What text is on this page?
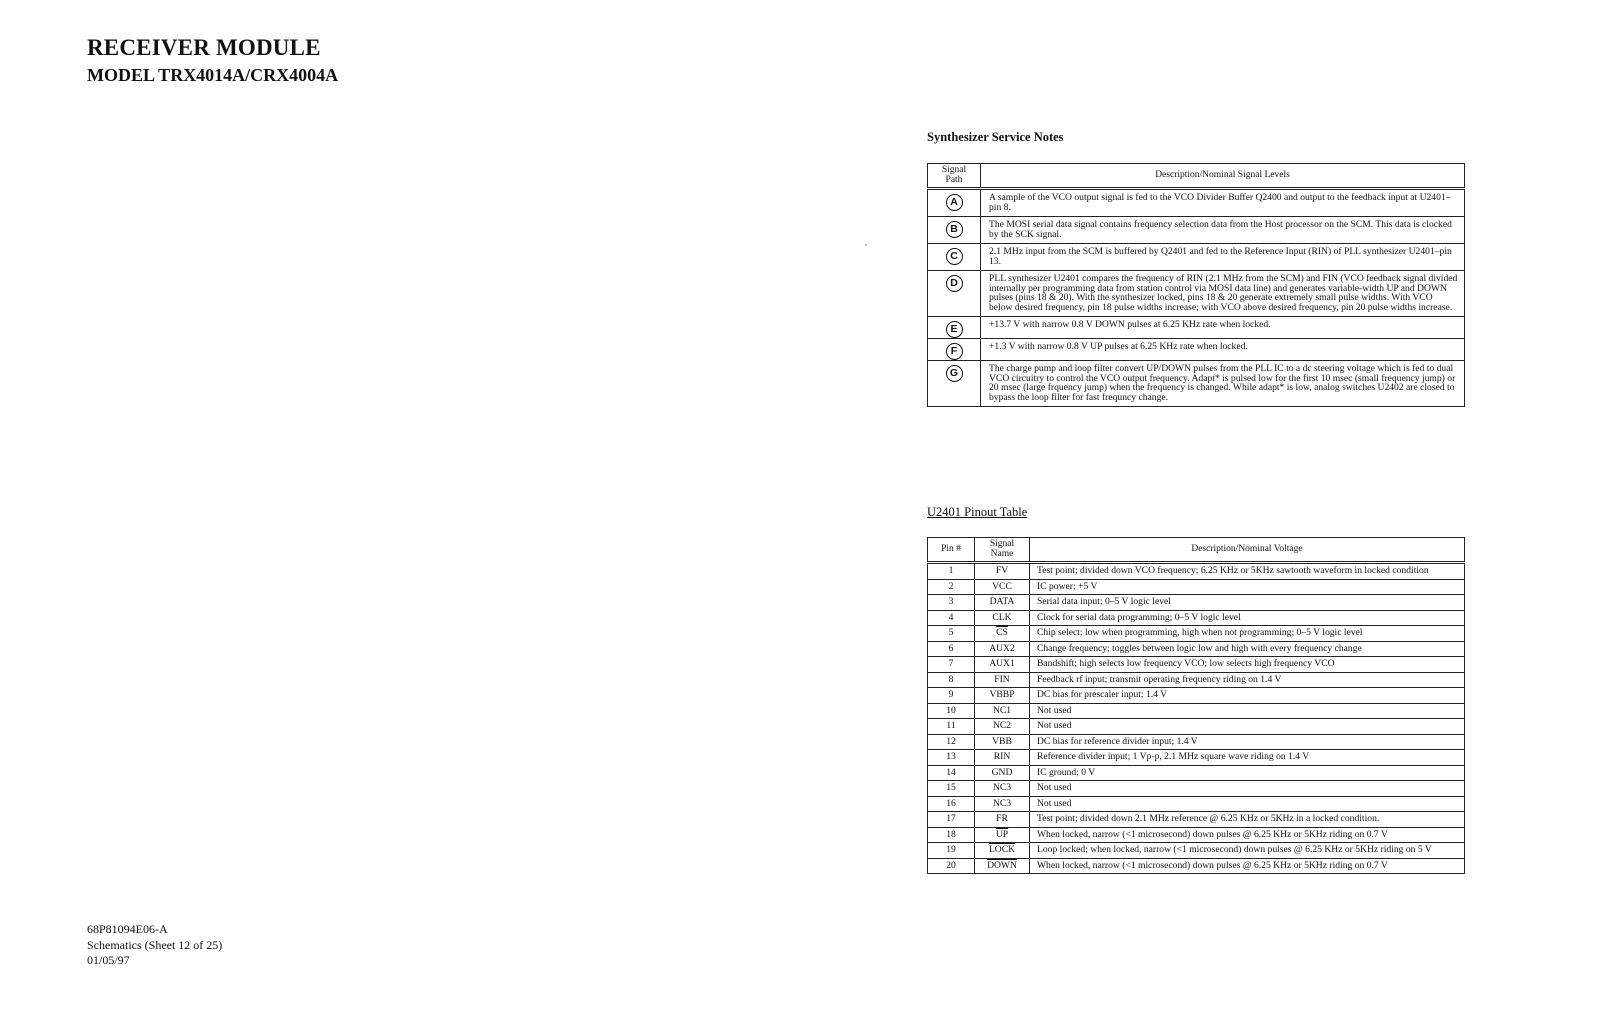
RECEIVER MODULE
MODEL TRX4014A/CRX4004A
Synthesizer Service Notes
Signal Path	Description/Nominal Signal Levels
A	A sample of the VCO output signal is fed to the VCO Divider Buffer Q2400 and output to the feedback input at U2401–pin 8.
B	The MOSI serial data signal contains frequency selection data from the Host processor on the SCM. This data is clocked by the SCK signal.
C	2.1 MHz input from the SCM is buffered by Q2401 and fed to the Reference Input (RIN) of PLL synthesizer U2401–pin 13.
D	PLL synthesizer U2401 compares the frequency of RIN (2.1 MHz from the SCM) and FIN (VCO feedback signal divided internally per programming data from station control via MOSI data line) and generates variable-width UP and DOWN pulses (pins 18 & 20). With the synthesizer locked, pins 18 & 20 generate extremely small pulse widths. With VCO below desired frequency, pin 18 pulse widths increase; with VCO above desired frequency, pin 20 pulse widths increase.
E	+13.7 V with narrow 0.8 V DOWN pulses at 6.25 KHz rate when locked.
F	+1.3 V with narrow 0.8 V UP pulses at 6.25 KHz rate when locked.
G	The charge pump and loop filter convert UP/DOWN pulses from the PLL IC to a dc steering voltage which is fed to dual VCO circuitry to control the VCO output frequency. Adapt* is pulsed low for the first 10 msec (small frequency jump) or 20 msec (large frquency jump) when the frequency is changed. While adapt* is low, analog switches U2402 are closed to bypass the loop filter for fast frequncy change.
U2401 Pinout Table
Pin #	Signal Name	Description/Nominal Voltage
1	FV	Test point; divided down VCO frequency; 6.25 KHz or 5KHz sawtooth waveform in locked condition
2	VCC	IC power; +5 V
3	DATA	Serial data input; 0–5 V logic level
4	CLK	Clock for serial data programming; 0–5 V logic level
5	$\overline{CS}$	Chip select; low when programming, high when not programming; 0–5 V logic level
6	AUX2	Change frequency; toggles between logic low and high with every frequency change
7	AUX1	Bandshift; high selects low frequency VCO; low selects high frequency VCO
8	FIN	Feedback rf input; transmit operating frequency riding on 1.4 V
9	VBBP	DC bias for prescaler input; 1.4 V
10	NC1	Not used
11	NC2	Not used
12	VBB	DC bias for reference divider input; 1.4 V
13	RIN	Reference divider input; 1 Vp-p, 2.1 MHz square wave riding on 1.4 V
14	GND	IC ground; 0 V
15	NC3	Not used
16	NC3	Not used
17	FR	Test point; divided down 2.1 MHz reference @ 6.25 KHz or 5KHz in a locked condition.
18	$\overline{UP}$	When locked, narrow (<1 microsecond) down pulses @ 6.25 KHz or 5KHz riding on 0.7 V
19	LOCK	Loop locked; when locked, narrow (<1 microsecond) down pulses @ 6.25 KHz or 5KHz riding on 5 V
20	DOWN	When locked, narrow (<1 microsecond) down pulses @ 6.25 KHz or 5KHz riding on 0.7 V
68P81094E06-A
Schematics (Sheet 12 of 25)
01/05/97
